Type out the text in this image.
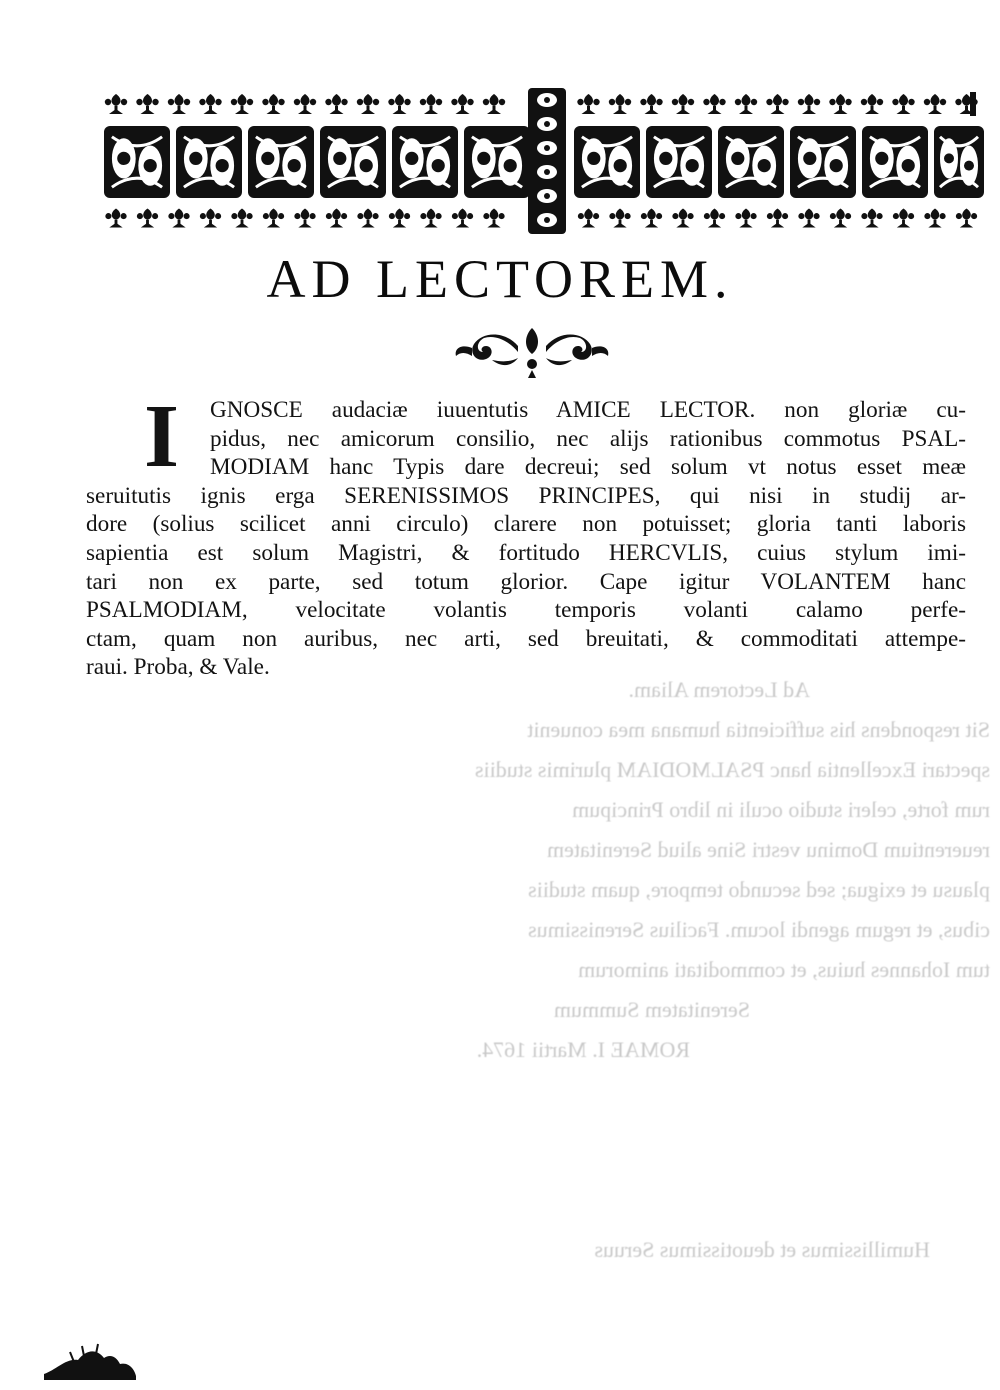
Ad Lectorem Aliam.
Sit respondens his sufficientia humana mea conuenit
spectari Excellentia hanc PSALMODIAM plurimis studiis
rum forte, celeri studio oculi in libro Principum
reuerentium Dominu vestri Sine aliud Serenitatem
plausu et exigua; sed secundo tempore, quam studiis
cibus, et regum agendi locum. Facilius Serenissimus
tum Iohannes huius, et commoditati animorum
Serenitatem Summum
ROMAE I. Martii 1674.

Humillissimus et deuotissimus Seruus
AD LECTOREM.
I	GNOSCE audaciæ iuuentutis AMICE LECTOR. non gloriæ cu-
pidus, nec amicorum consilio, nec alijs rationibus commotus PSAL-
MODIAM hanc Typis dare decreui; sed solum vt notus esset meæ
seruitutis ignis erga SERENISSIMOS PRINCIPES, qui nisi in studij ar-
dore (solius scilicet anni circulo) clarere non potuisset; gloria tanti laboris
sapientia est solum Magistri, & fortitudo HERCVLIS, cuius stylum imi-
tari non ex parte, sed totum glorior. Cape igitur VOLANTEM hanc
PSALMODIAM, velocitate volantis temporis volanti calamo perfe-
ctam, quam non auribus, nec arti, sed breuitati, & commoditati attempe-
raui. Proba, & Vale.
